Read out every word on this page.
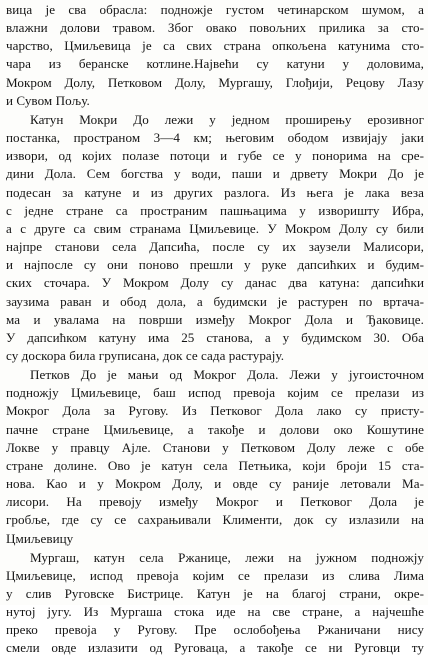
вица је сва обрасла: подножје густом четинарском шумом, а
влажни долови травом. Због овако повољних прилика за сто-
чарство, Цмиљевица је са свих страна опкољена катунима сто-
чара из беранске котлине.Највећи су катуни у доловима,
Мокром Долу, Петковом Долу, Мургашу, Глођији, Рецову Лазу
и Сувом Пољу.
Катун Мокри До лежи у једном проширењу ерозивног
постанка, пространом 3—4 км; његовим ободом извијају јаки
извори, од којих полазе потоци и губе се у понорима на сре-
дини Дола. Сем богства у води, паши и дрвету Мокри До је
подесан за катуне и из других разлога. Из њега је лака веза
с једне стране са пространим пашњацима у изворишту Ибра,
а с друге са свим странама Цмиљевице. У Мокром Долу су били
најпре станови села Дапсића, после су их заузели Малисори,
и најпосле су они поново прешли у руке дапсићких и будим-
ских сточара. У Мокром Долу су данас два катуна: дапсићки
заузима раван и обод дола, а будимски је растурен по вртача-
ма и увалама на површи између Мокрог Дола и Ђаковице.
У дапсићком катуну има 25 станова, а у будимском 30. Оба
су доскора била груписана, док се сада растурају.
Петков До је мањи од Мокрог Дола. Лежи у југоисточном
подножју Цмиљевице, баш испод превоја којим се прелази из
Мокрог Дола за Ругову. Из Петковог Дола лако су присту-
пачне стране Цмиљевице, а такође и долови око Кошутине
Локве у правцу Ајле. Станови у Петковом Долу леже с обе
стране долине. Ово је катун села Петњика, који броји 15 ста-
нова. Као и у Мокром Долу, и овде су раније летовали Ма-
лисори. На превоју између Мокрог и Петковог Дола је
гробље, где су се сахрањивали Клименти, док су излазили на
Цмиљевицу
Мургаш, катун села Ржанице, лежи на јужном подножју
Цмиљевице, испод превоја којим се прелази из слива Лима
у слив Руговске Бистрице. Катун је на благој страни, окре-
нутој југу. Из Мургаша стока иде на све стране, а најчешће
преко превоја у Ругову. Пре ослобођења Ржаничани нису
смели овде излазити од Руговаца, а такође се ни Руговци ту
